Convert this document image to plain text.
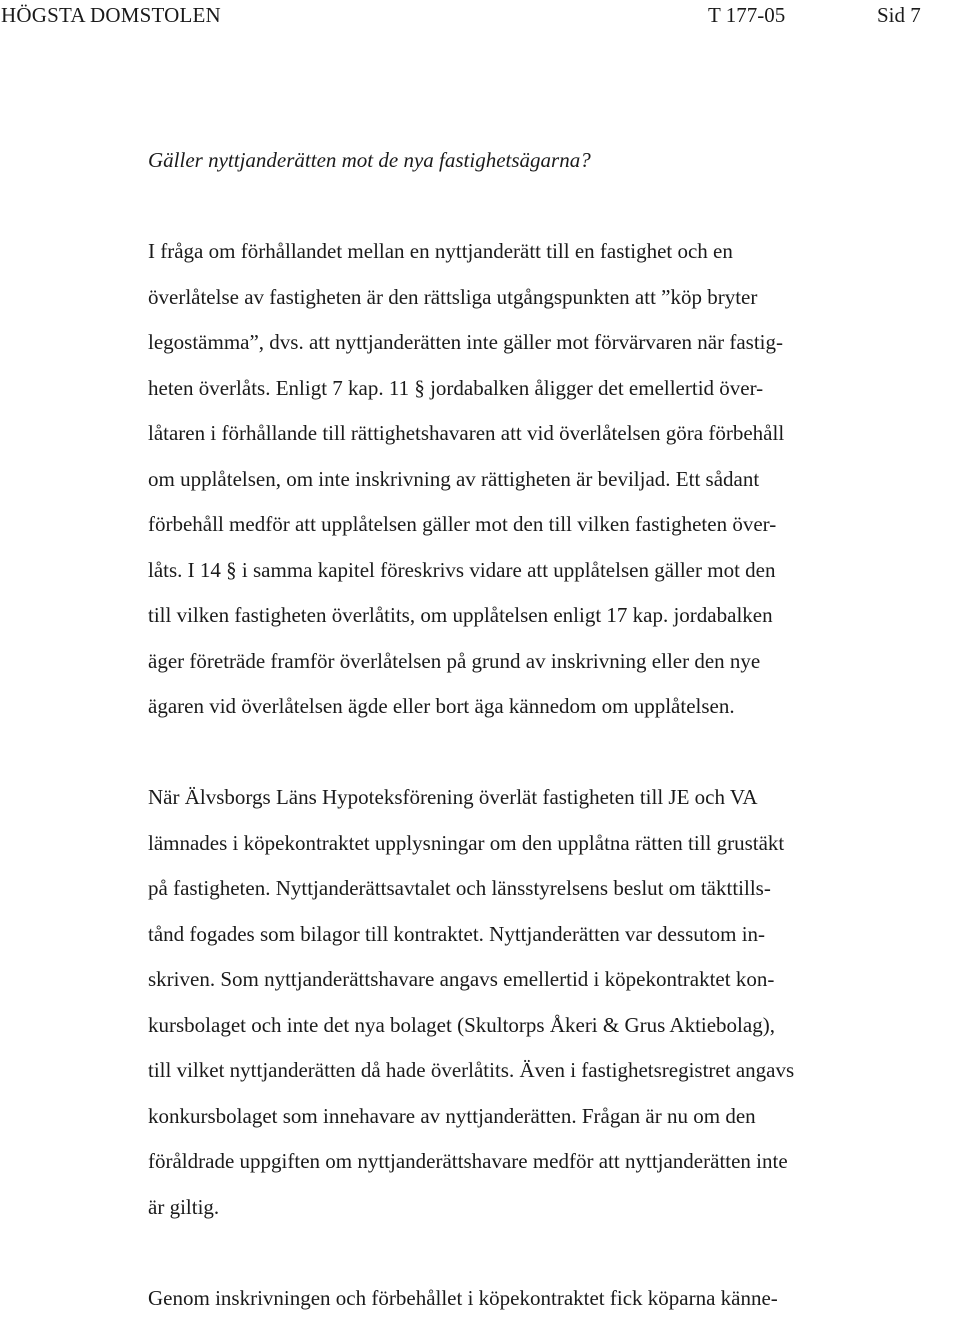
HÖGSTA DOMSTOLEN	T 177-05	Sid 7

Gäller nyttjanderätten mot de nya fastighetsägarna?

I fråga om förhållandet mellan en nyttjanderätt till en fastighet och en
överlåtelse av fastigheten är den rättsliga utgångspunkten att ”köp bryter
legostämma”, dvs. att nyttjanderätten inte gäller mot förvärvaren när fastig-
heten överlåts. Enligt 7 kap. 11 § jordabalken åligger det emellertid över-
låtaren i förhållande till rättighetshavaren att vid överlåtelsen göra förbehåll
om upplåtelsen, om inte inskrivning av rättigheten är beviljad. Ett sådant
förbehåll medför att upplåtelsen gäller mot den till vilken fastigheten över-
låts. I 14 § i samma kapitel föreskrivs vidare att upplåtelsen gäller mot den
till vilken fastigheten överlåtits, om upplåtelsen enligt 17 kap. jordabalken
äger företräde framför överlåtelsen på grund av inskrivning eller den nye
ägaren vid överlåtelsen ägde eller bort äga kännedom om upplåtelsen.
När Älvsborgs Läns Hypoteksförening överlät fastigheten till JE och VA
lämnades i köpekontraktet upplysningar om den upplåtna rätten till grustäkt
på fastigheten. Nyttjanderättsavtalet och länsstyrelsens beslut om täkttills-
tånd fogades som bilagor till kontraktet. Nyttjanderätten var dessutom in-
skriven. Som nyttjanderättshavare angavs emellertid i köpekontraktet kon-
kursbolaget och inte det nya bolaget (Skultorps Åkeri & Grus Aktiebolag),
till vilket nyttjanderätten då hade överlåtits. Även i fastighetsregistret angavs
konkursbolaget som innehavare av nyttjanderätten. Frågan är nu om den
föråldrade uppgiften om nyttjanderättshavare medför att nyttjanderätten inte
är giltig.
Genom inskrivningen och förbehållet i köpekontraktet fick köparna känne-
